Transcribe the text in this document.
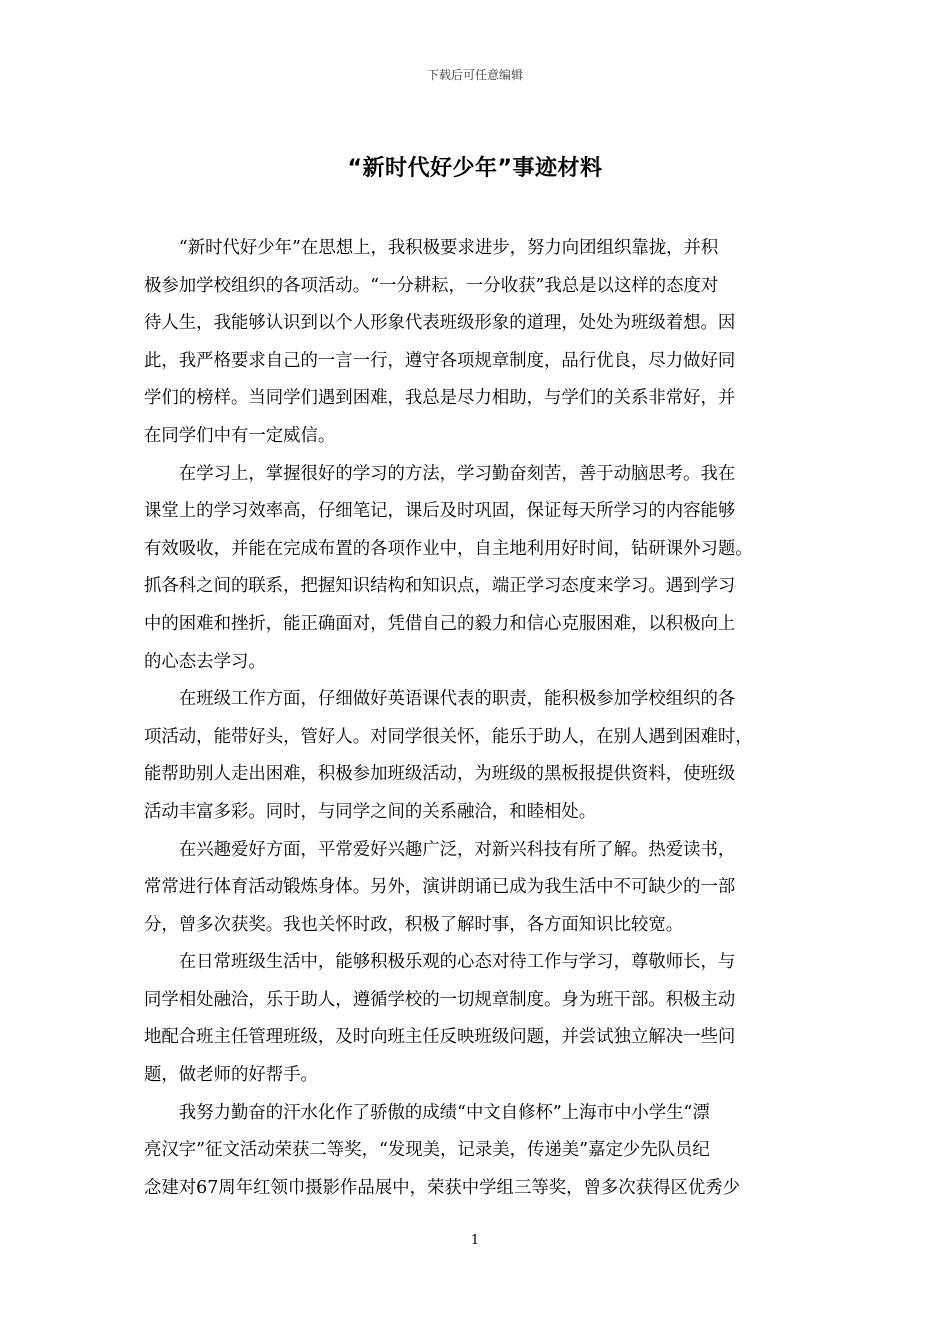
下载后可任意编辑
“新时代好少年”事迹材料

“新时代好少年”在思想上，我积极要求进步，努力向团组织靠拢，并积
极参加学校组织的各项活动。“一分耕耘，一分收获”我总是以这样的态度对
待人生，我能够认识到以个人形象代表班级形象的道理，处处为班级着想。因
此，我严格要求自己的一言一行，遵守各项规章制度，品行优良，尽力做好同
学们的榜样。当同学们遇到困难，我总是尽力相助，与学们的关系非常好，并
在同学们中有一定威信。

在学习上，掌握很好的学习的方法，学习勤奋刻苦，善于动脑思考。我在
课堂上的学习效率高，仔细笔记，课后及时巩固，保证每天所学习的内容能够
有效吸收，并能在完成布置的各项作业中，自主地利用好时间，钻研课外习题。
抓各科之间的联系，把握知识结构和知识点，端正学习态度来学习。遇到学习
中的困难和挫折，能正确面对，凭借自己的毅力和信心克服困难，以积极向上
的心态去学习。

在班级工作方面，仔细做好英语课代表的职责，能积极参加学校组织的各
项活动，能带好头，管好人。对同学很关怀，能乐于助人，在别人遇到困难时，
能帮助别人走出困难，积极参加班级活动，为班级的黑板报提供资料，使班级
活动丰富多彩。同时，与同学之间的关系融洽，和睦相处。

在兴趣爱好方面，平常爱好兴趣广泛，对新兴科技有所了解。热爱读书，
常常进行体育活动锻炼身体。另外，演讲朗诵已成为我生活中不可缺少的一部
分，曾多次获奖。我也关怀时政，积极了解时事，各方面知识比较宽。

在日常班级生活中，能够积极乐观的心态对待工作与学习，尊敬师长，与
同学相处融洽，乐于助人，遵循学校的一切规章制度。身为班干部。积极主动
地配合班主任管理班级，及时向班主任反映班级问题，并尝试独立解决一些问
题，做老师的好帮手。

我努力勤奋的汗水化作了骄傲的成绩“中文自修杯”上海市中小学生“漂
亮汉字”征文活动荣获二等奖，“发现美，记录美，传递美”嘉定少先队员纪
念建对67周年红领巾摄影作品展中，荣获中学组三等奖，曾多次获得区优秀少

1
